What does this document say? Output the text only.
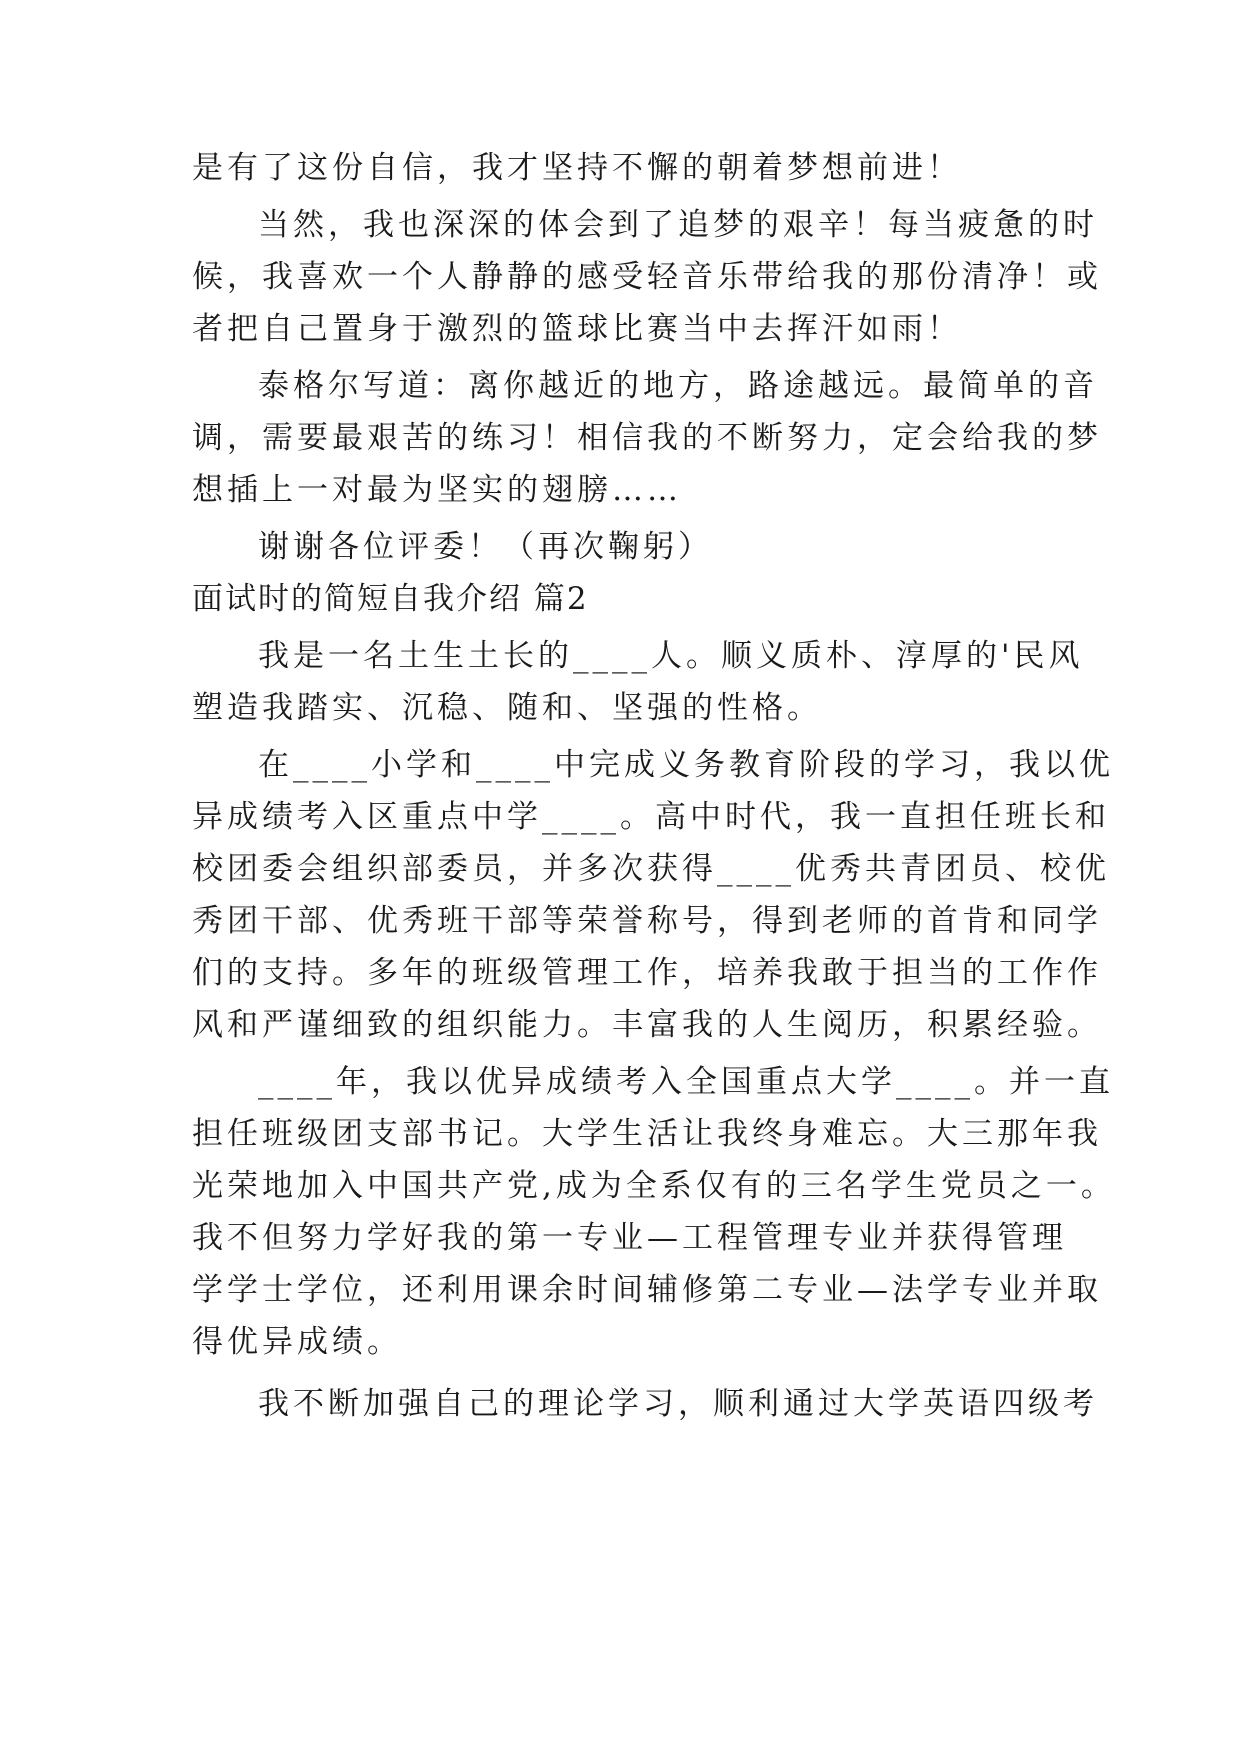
是有了这份自信，我才坚持不懈的朝着梦想前进！
当然，我也深深的体会到了追梦的艰辛！每当疲惫的时
候，我喜欢一个人静静的感受轻音乐带给我的那份清净！或
者把自己置身于激烈的篮球比赛当中去挥汗如雨！
泰格尔写道：离你越近的地方，路途越远。最简单的音
调，需要最艰苦的练习！相信我的不断努力，定会给我的梦
想插上一对最为坚实的翅膀……
谢谢各位评委！（再次鞠躬）
面试时的简短自我介绍 篇2
我是一名土生土长的____人。顺义质朴、淳厚的'民风
塑造我踏实、沉稳、随和、坚强的性格。
在____小学和____中完成义务教育阶段的学习，我以优
异成绩考入区重点中学____。高中时代，我一直担任班长和
校团委会组织部委员，并多次获得____优秀共青团员、校优
秀团干部、优秀班干部等荣誉称号，得到老师的首肯和同学
们的支持。多年的班级管理工作，培养我敢于担当的工作作
风和严谨细致的组织能力。丰富我的人生阅历，积累经验。
____年，我以优异成绩考入全国重点大学____。并一直
担任班级团支部书记。大学生活让我终身难忘。大三那年我
光荣地加入中国共产党,成为全系仅有的三名学生党员之一。
我不但努力学好我的第一专业—工程管理专业并获得管理
学学士学位，还利用课余时间辅修第二专业—法学专业并取
得优异成绩。
我不断加强自己的理论学习，顺利通过大学英语四级考
